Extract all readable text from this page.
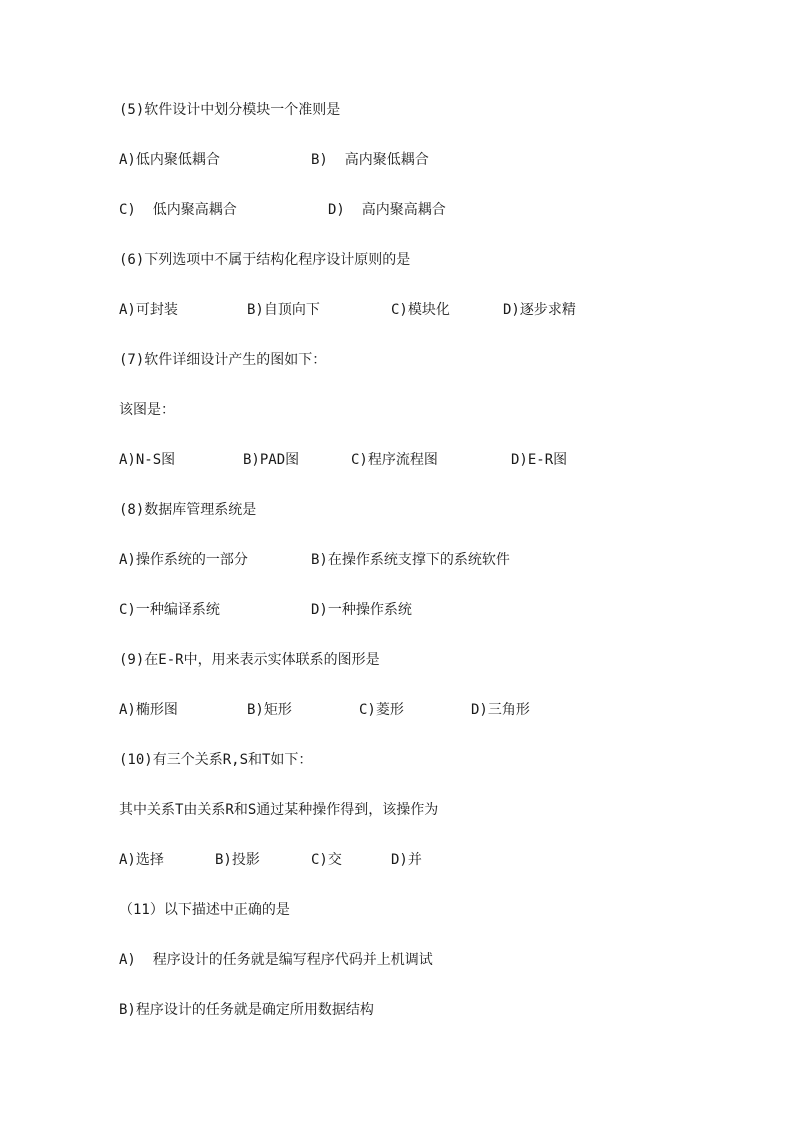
(5)软件设计中划分模块一个准则是

A)低内聚低耦合

	B)  高内聚低耦合

C)  低内聚高耦合

	D)  高内聚高耦合

(6)下列选项中不属于结构化程序设计原则的是

A)可封装

	B)自顶向下

	C)模块化

	D)逐步求精

(7)软件详细设计产生的图如下：
该图是：

A)N-S图

	B)PAD图

	C)程序流程图

	D)E-R图

(8)数据库管理系统是

A)操作系统的一部分

	B)在操作系统支撑下的系统软件

C)一种编译系统

	D)一种操作系统

(9)在E-R中，用来表示实体联系的图形是

A)椭形图

	B)矩形

	C)菱形

	D)三角形

(10)有三个关系R,S和T如下：
其中关系T由关系R和S通过某种操作得到，该操作为

A)选择

	B)投影

	C)交

	D)并

（11）以下描述中正确的是
A)  程序设计的任务就是编写程序代码并上机调试
B)程序设计的任务就是确定所用数据结构
